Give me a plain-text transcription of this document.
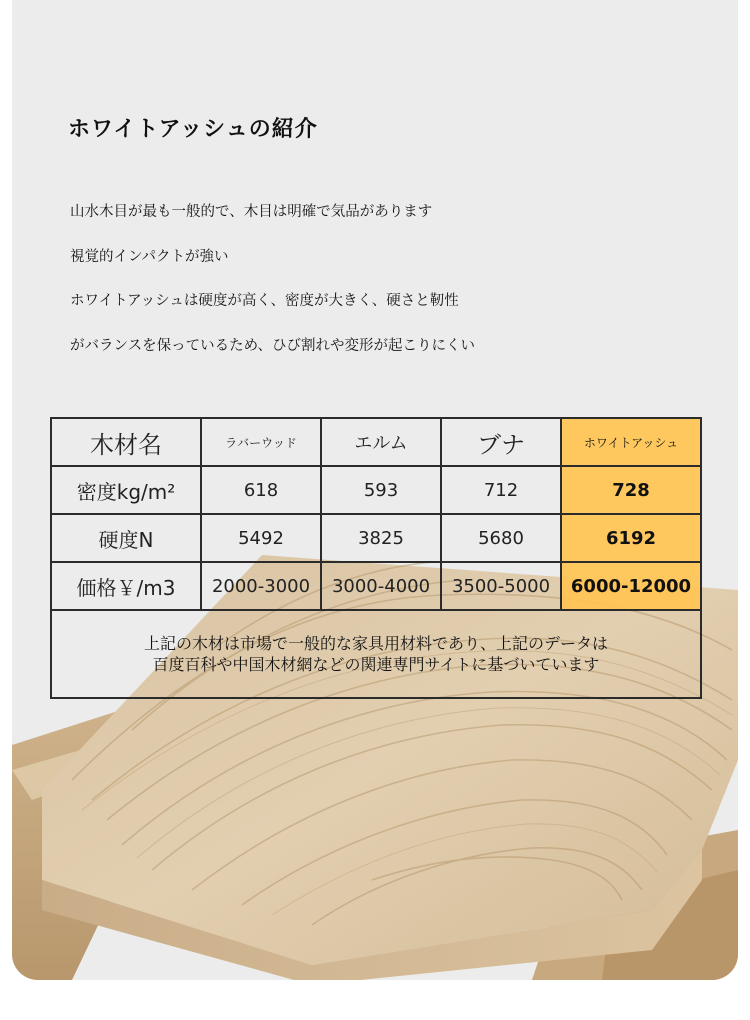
ホワイトアッシュの紹介
山水木目が最も一般的で、木目は明確で気品があります
視覚的インパクトが強い
ホワイトアッシュは硬度が高く、密度が大きく、硬さと靭性
がバランスを保っているため、ひび割れや変形が起こりにくい
木材名	ラバーウッド	エルム	ブナ	ホワイトアッシュ
密度kg/m²	618	593	712	728
硬度N	5492	3825	5680	6192
価格￥/m3	2000-3000	3000-4000	3500-5000	6000-12000

上記の木材は市場で一般的な家具用材料であり、上記のデータは
百度百科や中国木材網などの関連専門サイトに基づいています				
